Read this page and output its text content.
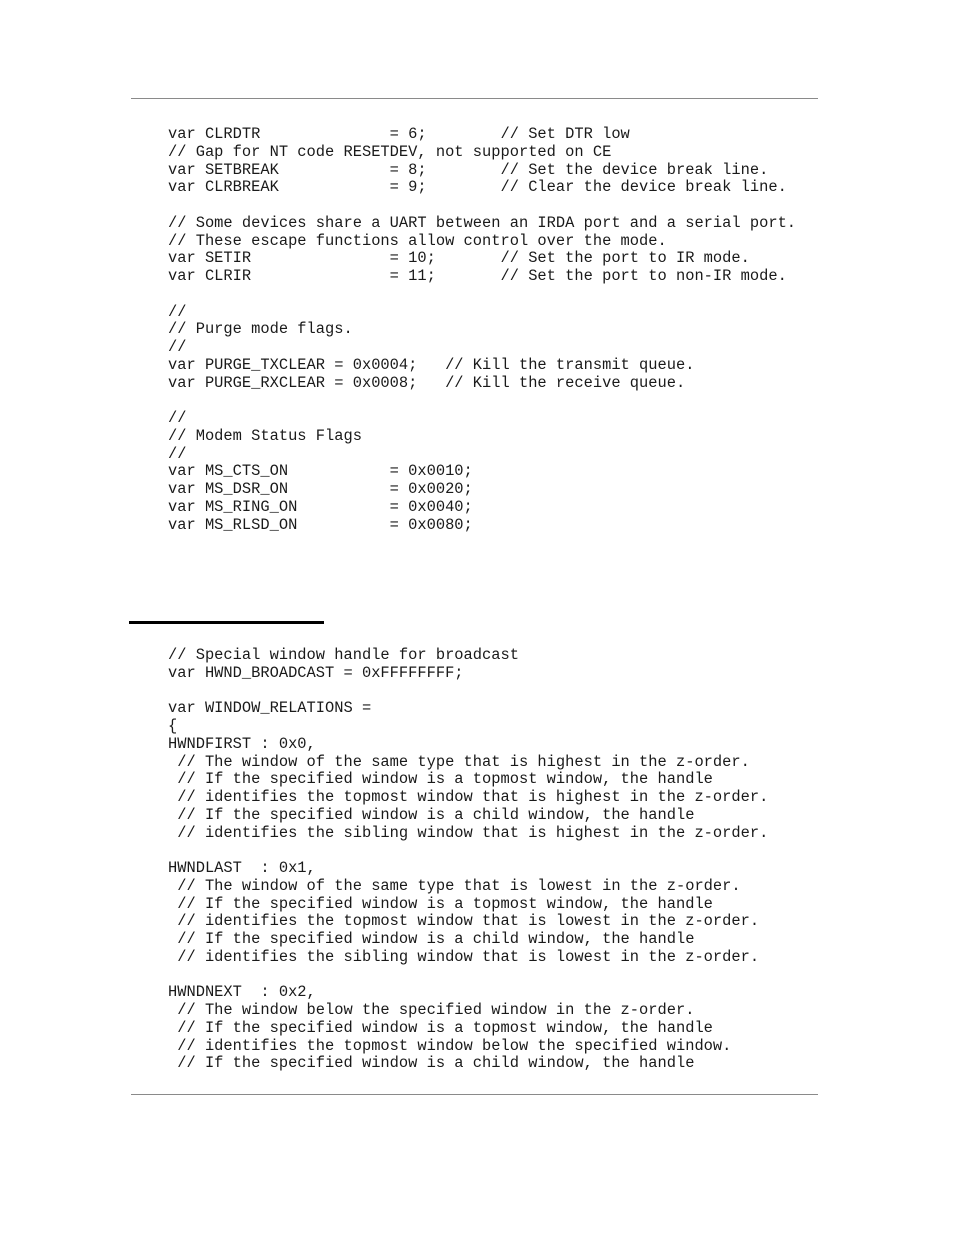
var CLRDTR              = 6;        // Set DTR low
// Gap for NT code RESETDEV, not supported on CE
var SETBREAK            = 8;        // Set the device break line.
var CLRBREAK            = 9;        // Clear the device break line.
// Some devices share a UART between an IRDA port and a serial port.
// These escape functions allow control over the mode.
var SETIR               = 10;       // Set the port to IR mode.
var CLRIR               = 11;       // Set the port to non-IR mode.
//
// Purge mode flags.
//
var PURGE_TXCLEAR = 0x0004;   // Kill the transmit queue.
var PURGE_RXCLEAR = 0x0008;   // Kill the receive queue.
//
// Modem Status Flags
//
var MS_CTS_ON           = 0x0010;
var MS_DSR_ON           = 0x0020;
var MS_RING_ON          = 0x0040;
var MS_RLSD_ON          = 0x0080;
// Special window handle for broadcast
var HWND_BROADCAST = 0xFFFFFFFF;
var WINDOW_RELATIONS =
{
HWNDFIRST : 0x0,
// The window of the same type that is highest in the z-order.
// If the specified window is a topmost window, the handle
// identifies the topmost window that is highest in the z-order.
// If the specified window is a child window, the handle
// identifies the sibling window that is highest in the z-order.
HWNDLAST  : 0x1,
// The window of the same type that is lowest in the z-order.
// If the specified window is a topmost window, the handle
// identifies the topmost window that is lowest in the z-order.
// If the specified window is a child window, the handle
// identifies the sibling window that is lowest in the z-order.
HWNDNEXT  : 0x2,
// The window below the specified window in the z-order.
// If the specified window is a topmost window, the handle
// identifies the topmost window below the specified window.
// If the specified window is a child window, the handle
